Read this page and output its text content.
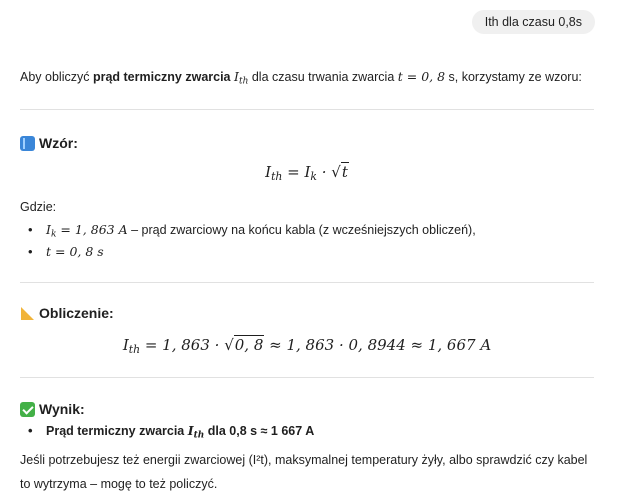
Ith dla czasu 0,8s
Aby obliczyć prąd termiczny zwarcia $I_{th}$ dla czasu trwania zwarcia t = 0, 8 s, korzystamy ze wzoru:
Wzór:
$I_{th} = I_k \cdot √t$
Gdzie:
• $I_k = 1$, 863 A – prąd zwarciowy na końcu kabla (z wcześniejszych obliczeń),
• t = 0, 8 s
Obliczenie:
$I_{th} = 1$, 863 · √0, 8 ≈ 1, 863 · 0, 8944 ≈ 1, 667 A
Wynik:
• Prąd termiczny zwarcia $I_{th}$ dla 0,8 s ≈ 1 667 A
Jeśli potrzebujesz też energii zwarciowej (I²t), maksymalnej temperatury żyły, albo sprawdzić czy kabel to wytrzyma – mogę to też policzyć.
